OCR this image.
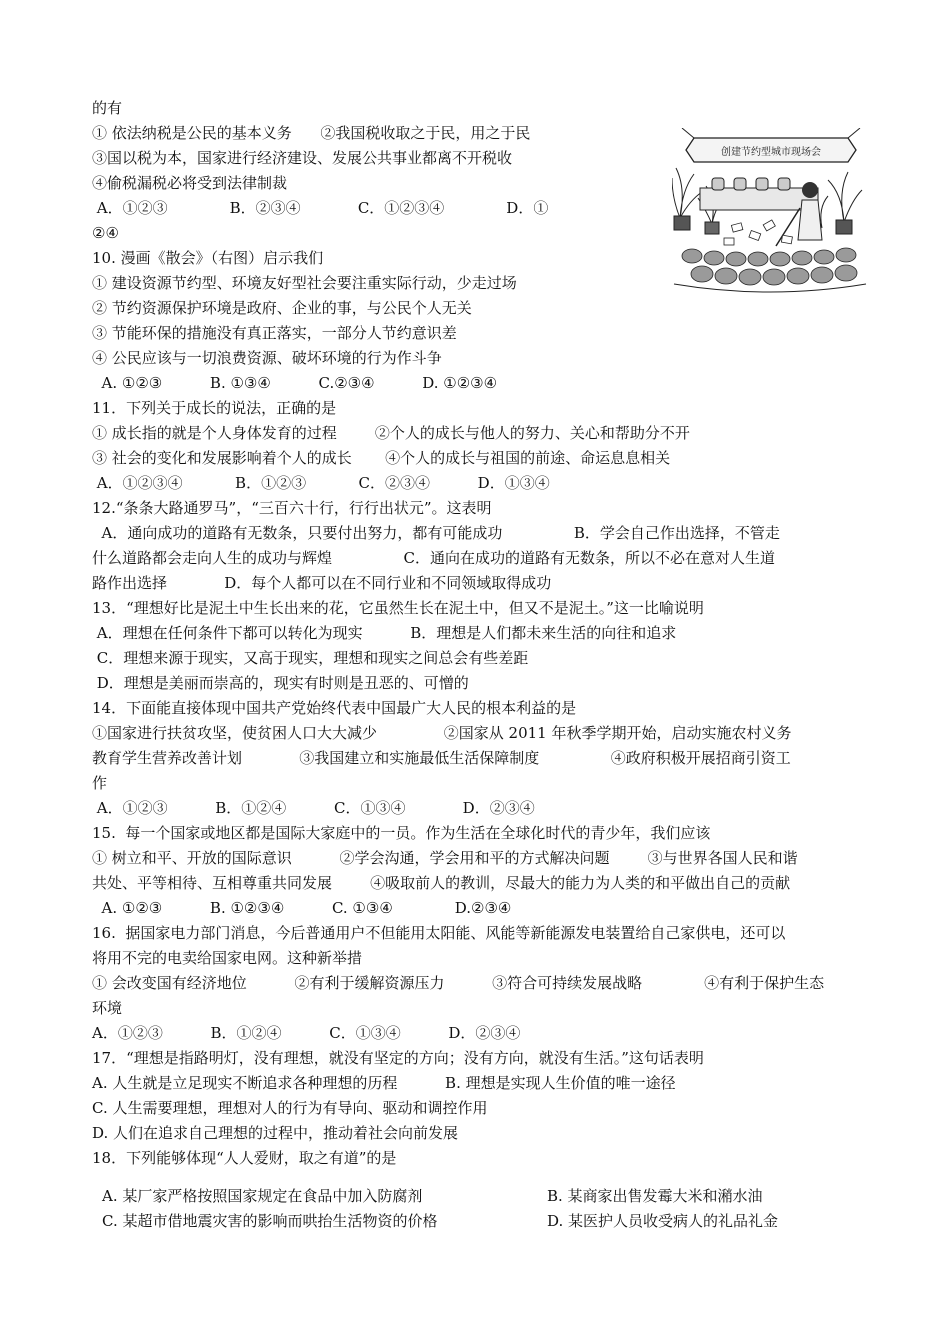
的有
① 依法纳税是公民的基本义务      ②我国税收取之于民，用之于民
③国以税为本，国家进行经济建设、发展公共事业都离不开税收
④偷税漏税必将受到法律制裁
A．①②③             B．②③④            C．①②③④             D．①
②④
10. 漫画《散会》（右图）启示我们
① 建设资源节约型、环境友好型社会要注重实际行动，少走过场
② 节约资源保护环境是政府、企业的事，与公民个人无关
③ 节能环保的措施没有真正落实，一部分人节约意识差
④ 公民应该与一切浪费资源、破坏环境的行为作斗争
A. ①②③          B. ①③④          C.②③④          D. ①②③④
11．下列关于成长的说法，正确的是
① 成长指的就是个人身体发育的过程        ②个人的成长与他人的努力、关心和帮助分不开
③ 社会的变化和发展影响着个人的成长       ④个人的成长与祖国的前途、命运息息相关
A．①②③④           B．①②③           C．②③④          D．①③④
12.“条条大路通罗马”，“三百六十行，行行出状元”。这表明
A．通向成功的道路有无数条，只要付出努力，都有可能成功               B．学会自己作出选择，不管走
什么道路都会走向人生的成功与辉煌               C．通向在成功的道路有无数条，所以不必在意对人生道
路作出选择            D．每个人都可以在不同行业和不同领域取得成功
13．“理想好比是泥土中生长出来的花，它虽然生长在泥土中，但又不是泥土。”这一比喻说明
A．理想在任何条件下都可以转化为现实          B．理想是人们都未来生活的向往和追求
C．理想来源于现实，又高于现实，理想和现实之间总会有些差距
D．理想是美丽而崇高的，现实有时则是丑恶的、可憎的
14．下面能直接体现中国共产党始终代表中国最广大人民的根本利益的是
①国家进行扶贫攻坚，使贫困人口大大减少              ②国家从 2011 年秋季学期开始，启动实施农村义务
教育学生营养改善计划            ③我国建立和实施最低生活保障制度               ④政府积极开展招商引资工
作
A．①②③          B．①②④          C．①③④            D．②③④
15.  每一个国家或地区都是国际大家庭中的一员。作为生活在全球化时代的青少年，我们应该
① 树立和平、开放的国际意识          ②学会沟通，学会用和平的方式解决问题        ③与世界各国人民和谐
共处、平等相待、互相尊重共同发展        ④吸取前人的教训，尽最大的能力为人类的和平做出自己的贡献
A. ①②③          B. ①②③④          C. ①③④             D.②③④
16.  据国家电力部门消息，今后普通用户不但能用太阳能、风能等新能源发电装置给自己家供电，还可以
将用不完的电卖给国家电网。这种新举措
① 会改变国有经济地位          ②有利于缓解资源压力          ③符合可持续发展战略             ④有利于保护生态
环境
A．①②③          B．①②④          C．①③④          D．②③④
17．“理想是指路明灯，没有理想，就没有坚定的方向；没有方向，就没有生活。”这句话表明
A. 人生就是立足现实不断追求各种理想的历程          B. 理想是实现人生价值的唯一途径
C. 人生需要理想，理想对人的行为有导向、驱动和调控作用
D. 人们在追求自己理想的过程中，推动着社会向前发展
18．下列能够体现“人人爱财，取之有道”的是
A. 某厂家严格按照国家规定在食品中加入防腐剂	B. 某商家出售发霉大米和潲水油
C. 某超市借地震灾害的影响而哄抬生活物资的价格	D. 某医护人员收受病人的礼品礼金
创建节约型城市现场会
